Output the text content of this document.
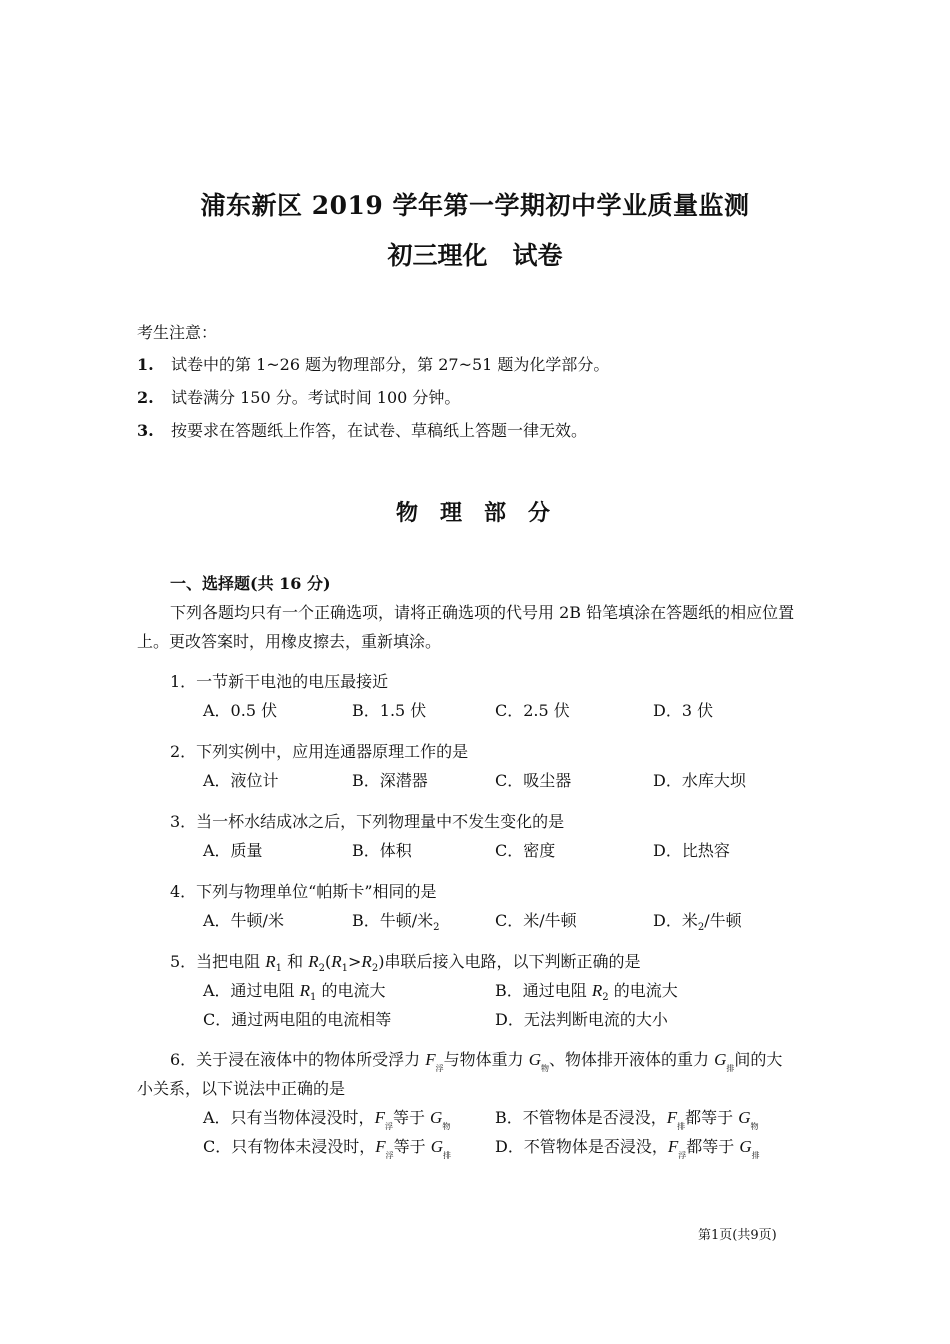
浦东新区 2019 学年第一学期初中学业质量监测
初三理化　试卷
考生注意：
1. 试卷中的第 1~26 题为物理部分，第 27~51 题为化学部分。
2. 试卷满分 150 分。考试时间 100 分钟。
3. 按要求在答题纸上作答，在试卷、草稿纸上答题一律无效。
物理部分
一、选择题(共 16 分)
下列各题均只有一个正确选项，请将正确选项的代号用 2B 铅笔填涂在答题纸的相应位置
上。更改答案时，用橡皮擦去，重新填涂。
1．一节新干电池的电压最接近
A．0.5 伏	B．1.5 伏	C．2.5 伏	D．3 伏
2．下列实例中，应用连通器原理工作的是
A．液位计	B．深潜器	C．吸尘器	D．水库大坝
3．当一杯水结成冰之后，下列物理量中不发生变化的是
A．质量	B．体积	C．密度	D．比热容
4．下列与物理单位“帕斯卡”相同的是
A．牛顿/米	B．牛顿/米$_2$	C．米/牛顿	D．米$_2$/牛顿
5．当把电阻 $R_1$ 和 $R_2(R_1>R_2)$串联后接入电路，以下判断正确的是
A．通过电阻 $R_1$ 的电流大	B．通过电阻 $R_2$ 的电流大
C．通过两电阻的电流相等	D．无法判断电流的大小
6．关于浸在液体中的物体所受浮力 $F_浮$与物体重力 $G_物$、物体排开液体的重力 $G_排$间的大
小关系，以下说法中正确的是
A．只有当物体浸没时，$F_浮$等于 $G_物$	B．不管物体是否浸没，$F_排$都等于 $G_物$
C．只有物体未浸没时，$F_浮$等于 $G_排$	D．不管物体是否浸没，$F_浮$都等于 $G_排$
第1页(共9页)
